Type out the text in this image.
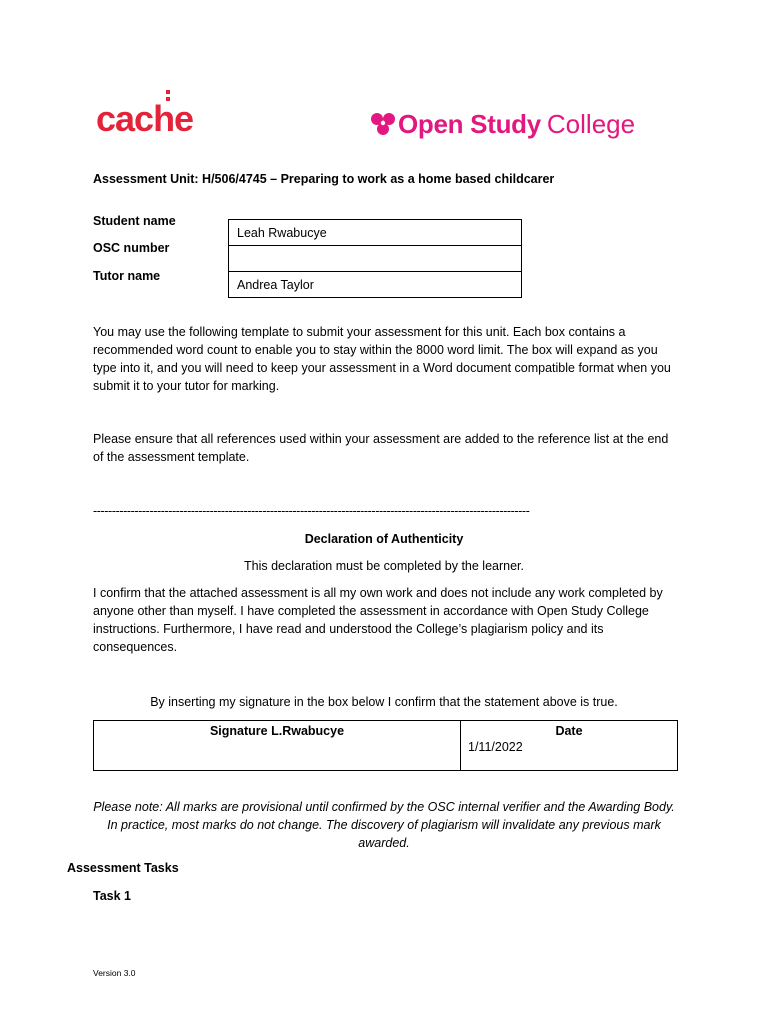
cache	Open Study College
Assessment Unit: H/506/4745 – Preparing to work as a home based childcarer
Student name
OSC number
Tutor name
Leah Rwabucye
Andrea Taylor
You may use the following template to submit your assessment for this unit. Each box contains a recommended word count to enable you to stay within the 8000 word limit. The box will expand as you type into it, and you will need to keep your assessment in a Word document compatible format when you submit it to your tutor for marking.
Please ensure that all references used within your assessment are added to the reference list at the end of the assessment template.
--------------------------------------------------------------------------------------------------------------------
Declaration of Authenticity
This declaration must be completed by the learner.
I confirm that the attached assessment is all my own work and does not include any work completed by anyone other than myself. I have completed the assessment in accordance with Open Study College instructions. Furthermore, I have read and understood the College’s plagiarism policy and its consequences.
By inserting my signature in the box below I confirm that the statement above is true.
Signature L.Rwabucye	Date
1/11/2022
Please note: All marks are provisional until confirmed by the OSC internal verifier and the Awarding Body. In practice, most marks do not change. The discovery of plagiarism will invalidate any previous mark awarded.
Assessment Tasks
Task 1
Version 3.0
